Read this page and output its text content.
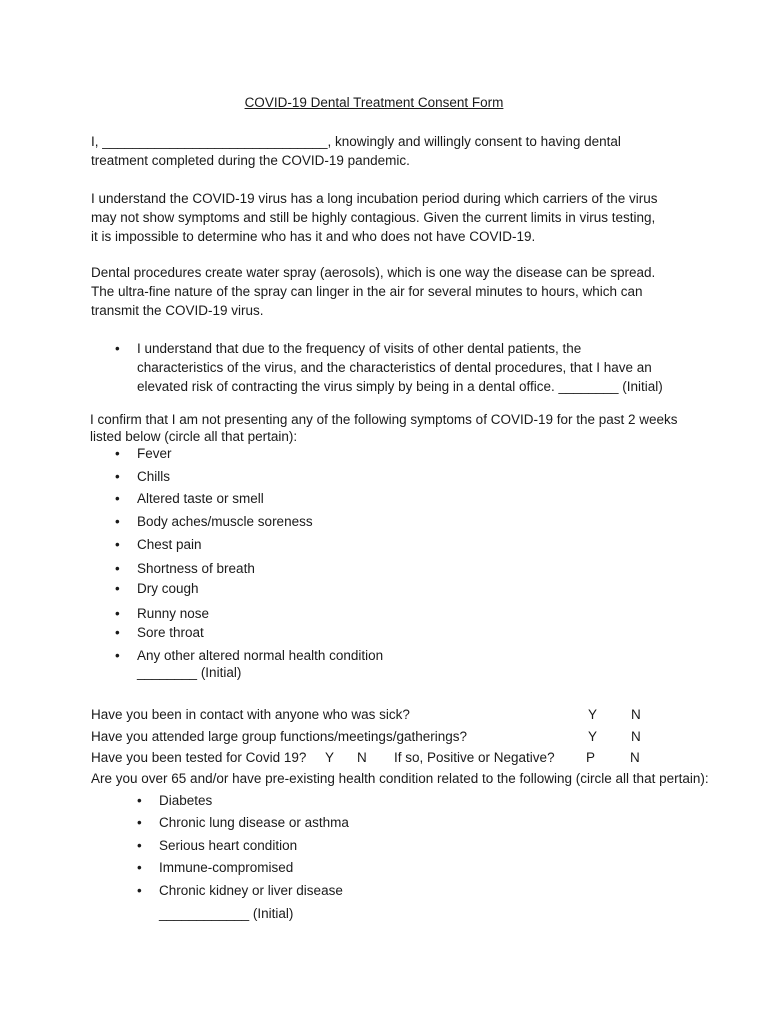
COVID-19 Dental Treatment Consent Form
I, ______________________________, knowingly and willingly consent to having dental
treatment completed during the COVID-19 pandemic.
I understand the COVID-19 virus has a long incubation period during which carriers of the virus
may not show symptoms and still be highly contagious. Given the current limits in virus testing,
it is impossible to determine who has it and who does not have COVID-19.
Dental procedures create water spray (aerosols), which is one way the disease can be spread.
The ultra-fine nature of the spray can linger in the air for several minutes to hours, which can
transmit the COVID-19 virus.
• I understand that due to the frequency of visits of other dental patients, the
characteristics of the virus, and the characteristics of dental procedures, that I have an
elevated risk of contracting the virus simply by being in a dental office. ________ (Initial)
I confirm that I am not presenting any of the following symptoms of COVID-19 for the past 2 weeks
listed below (circle all that pertain):
• Fever
• Chills
• Altered taste or smell
• Body aches/muscle soreness
• Chest pain
• Shortness of breath
• Dry cough
• Runny nose
• Sore throat
• Any other altered normal health condition
________ (Initial)
Have you been in contact with anyone who was sick?	Y	N
Have you attended large group functions/meetings/gatherings?	Y	N
Have you been tested for Covid 19? Y N If so, Positive or Negative? P	N
Are you over 65 and/or have pre-existing health condition related to the following (circle all that pertain):
• Diabetes
• Chronic lung disease or asthma
• Serious heart condition
• Immune-compromised
• Chronic kidney or liver disease
____________ (Initial)
